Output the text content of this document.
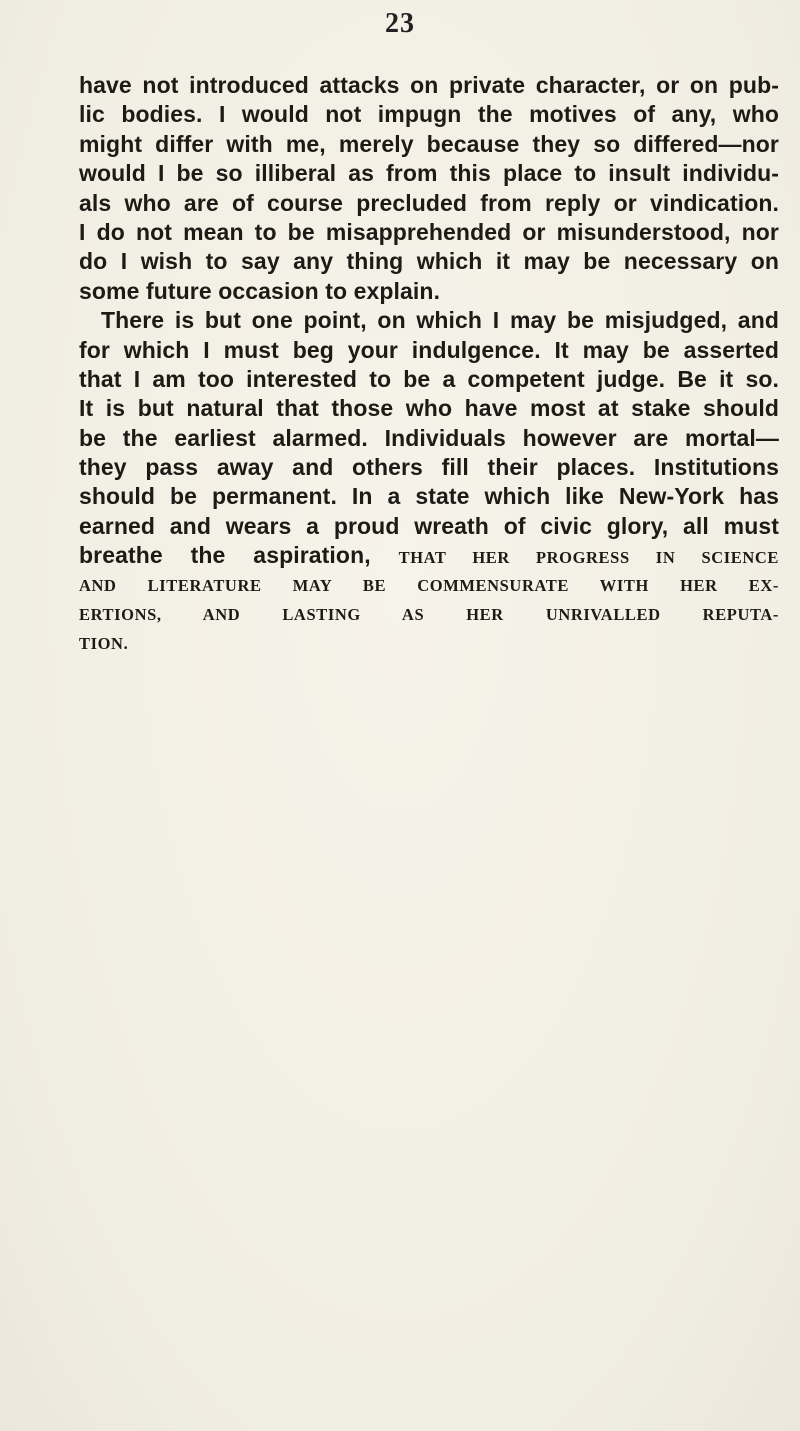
23
have not introduced attacks on private character, or on pub-
lic bodies. I would not impugn the motives of any, who
might differ with me, merely because they so differed—nor
would I be so illiberal as from this place to insult individu-
als who are of course precluded from reply or vindication.
I do not mean to be misapprehended or misunderstood, nor
do I wish to say any thing which it may be necessary on
some future occasion to explain.
There is but one point, on which I may be misjudged, and
for which I must beg your indulgence. It may be asserted
that I am too interested to be a competent judge. Be it so.
It is but natural that those who have most at stake should
be the earliest alarmed. Individuals however are mortal—
they pass away and others fill their places. Institutions
should be permanent. In a state which like New-York has
earned and wears a proud wreath of civic glory, all must
breathe the aspiration, THAT HER PROGRESS IN SCIENCE
AND LITERATURE MAY BE COMMENSURATE WITH HER EX-
ERTIONS, AND LASTING AS HER UNRIVALLED REPUTA-
TION.
